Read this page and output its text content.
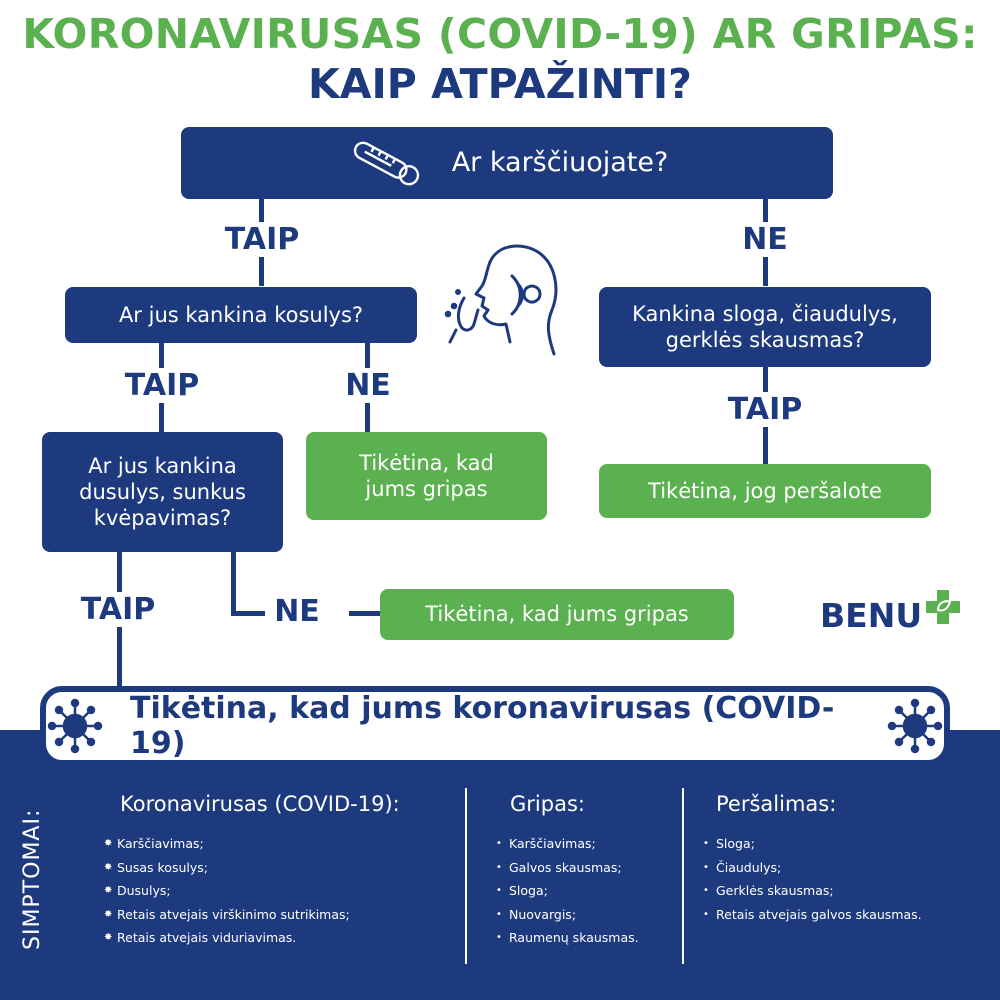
KORONAVIRUSAS (COVID-19) AR GRIPAS:
KAIP ATPAŽINTI?
TAIP	NE
TAIP	NE
TAIP
TAIP	NE
Ar karščiuojate?
Ar jus kankina kosulys?	Kankina sloga, čiaudulys, gerklės skausmas?
Ar jus kankina dusulys, sunkus kvėpavimas?
Tikėtina, kad jums gripas	Tikėtina, jog peršalote
Tikėtina, kad jums gripas	BENU
Tikėtina, kad jums koronavirusas (COVID-19)
SIMPTOMAI:
Koronavirusas (COVID-19):
✸ Karščiavimas;
✸ Susas kosulys;
✸ Dusulys;
✸ Retais atvejais virškinimo sutrikimas;
✸ Retais atvejais viduriavimas.
Gripas:
• Karščiavimas;
• Galvos skausmas;
• Sloga;
• Nuovargis;
• Raumenų skausmas.
Peršalimas:
• Sloga;
• Čiaudulys;
• Gerklės skausmas;
• Retais atvejais galvos skausmas.
